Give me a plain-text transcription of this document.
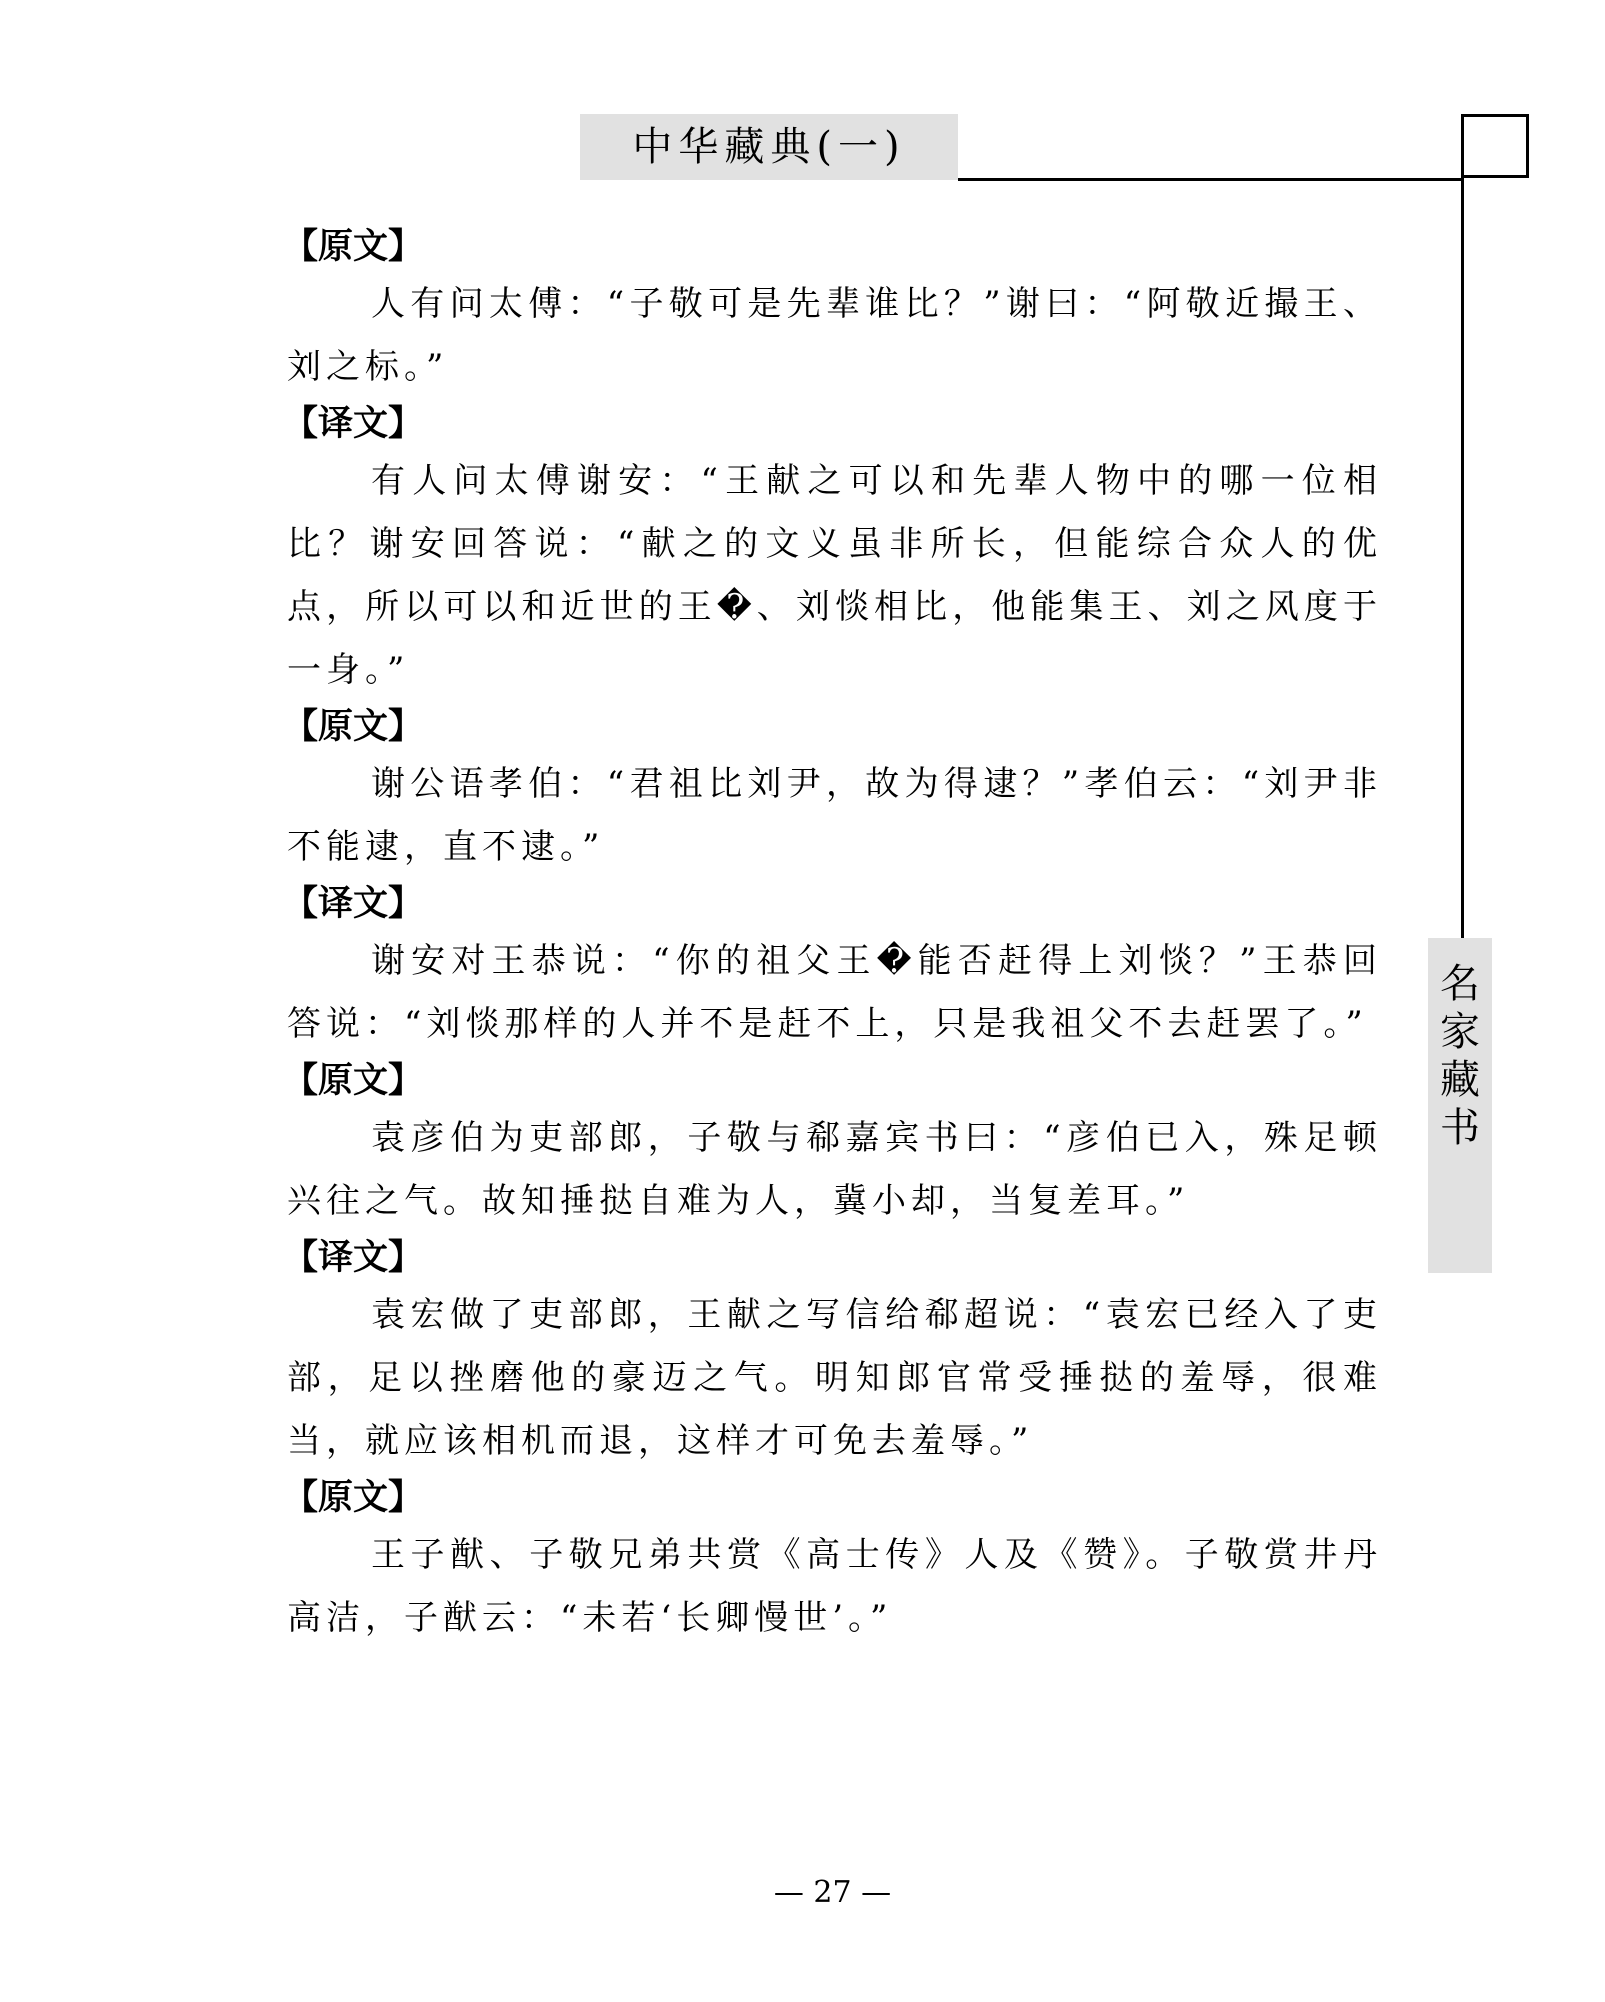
中华藏典(一)
名
家
藏
书
【原文】

人有问太傅：“子敬可是先辈谁比？”谢曰：“阿敬近撮王、刘之标。”

【译文】

有人问太傅谢安：“王献之可以和先辈人物中的哪一位相比？谢安回答说：“献之的文义虽非所长，但能综合众人的优点，所以可以和近世的王�、刘惔相比，他能集王、刘之风度于一身。”

【原文】

谢公语孝伯：“君祖比刘尹，故为得逮？”孝伯云：“刘尹非不能逮，直不逮。”

【译文】

谢安对王恭说：“你的祖父王�能否赶得上刘惔？”王恭回答说：“刘惔那样的人并不是赶不上，只是我祖父不去赶罢了。”

【原文】

袁彦伯为吏部郎，子敬与郗嘉宾书曰：“彦伯已入，殊足顿兴往之气。故知捶挞自难为人，冀小却，当复差耳。”

【译文】

袁宏做了吏部郎，王献之写信给郗超说：“袁宏已经入了吏部，足以挫磨他的豪迈之气。明知郎官常受捶挞的羞辱，很难当，就应该相机而退，这样才可免去羞辱。”

【原文】

王子猷、子敬兄弟共赏《高士传》人及《赞》。子敬赏井丹高洁，子猷云：“未若‘长卿慢世’。”

— 27 —
